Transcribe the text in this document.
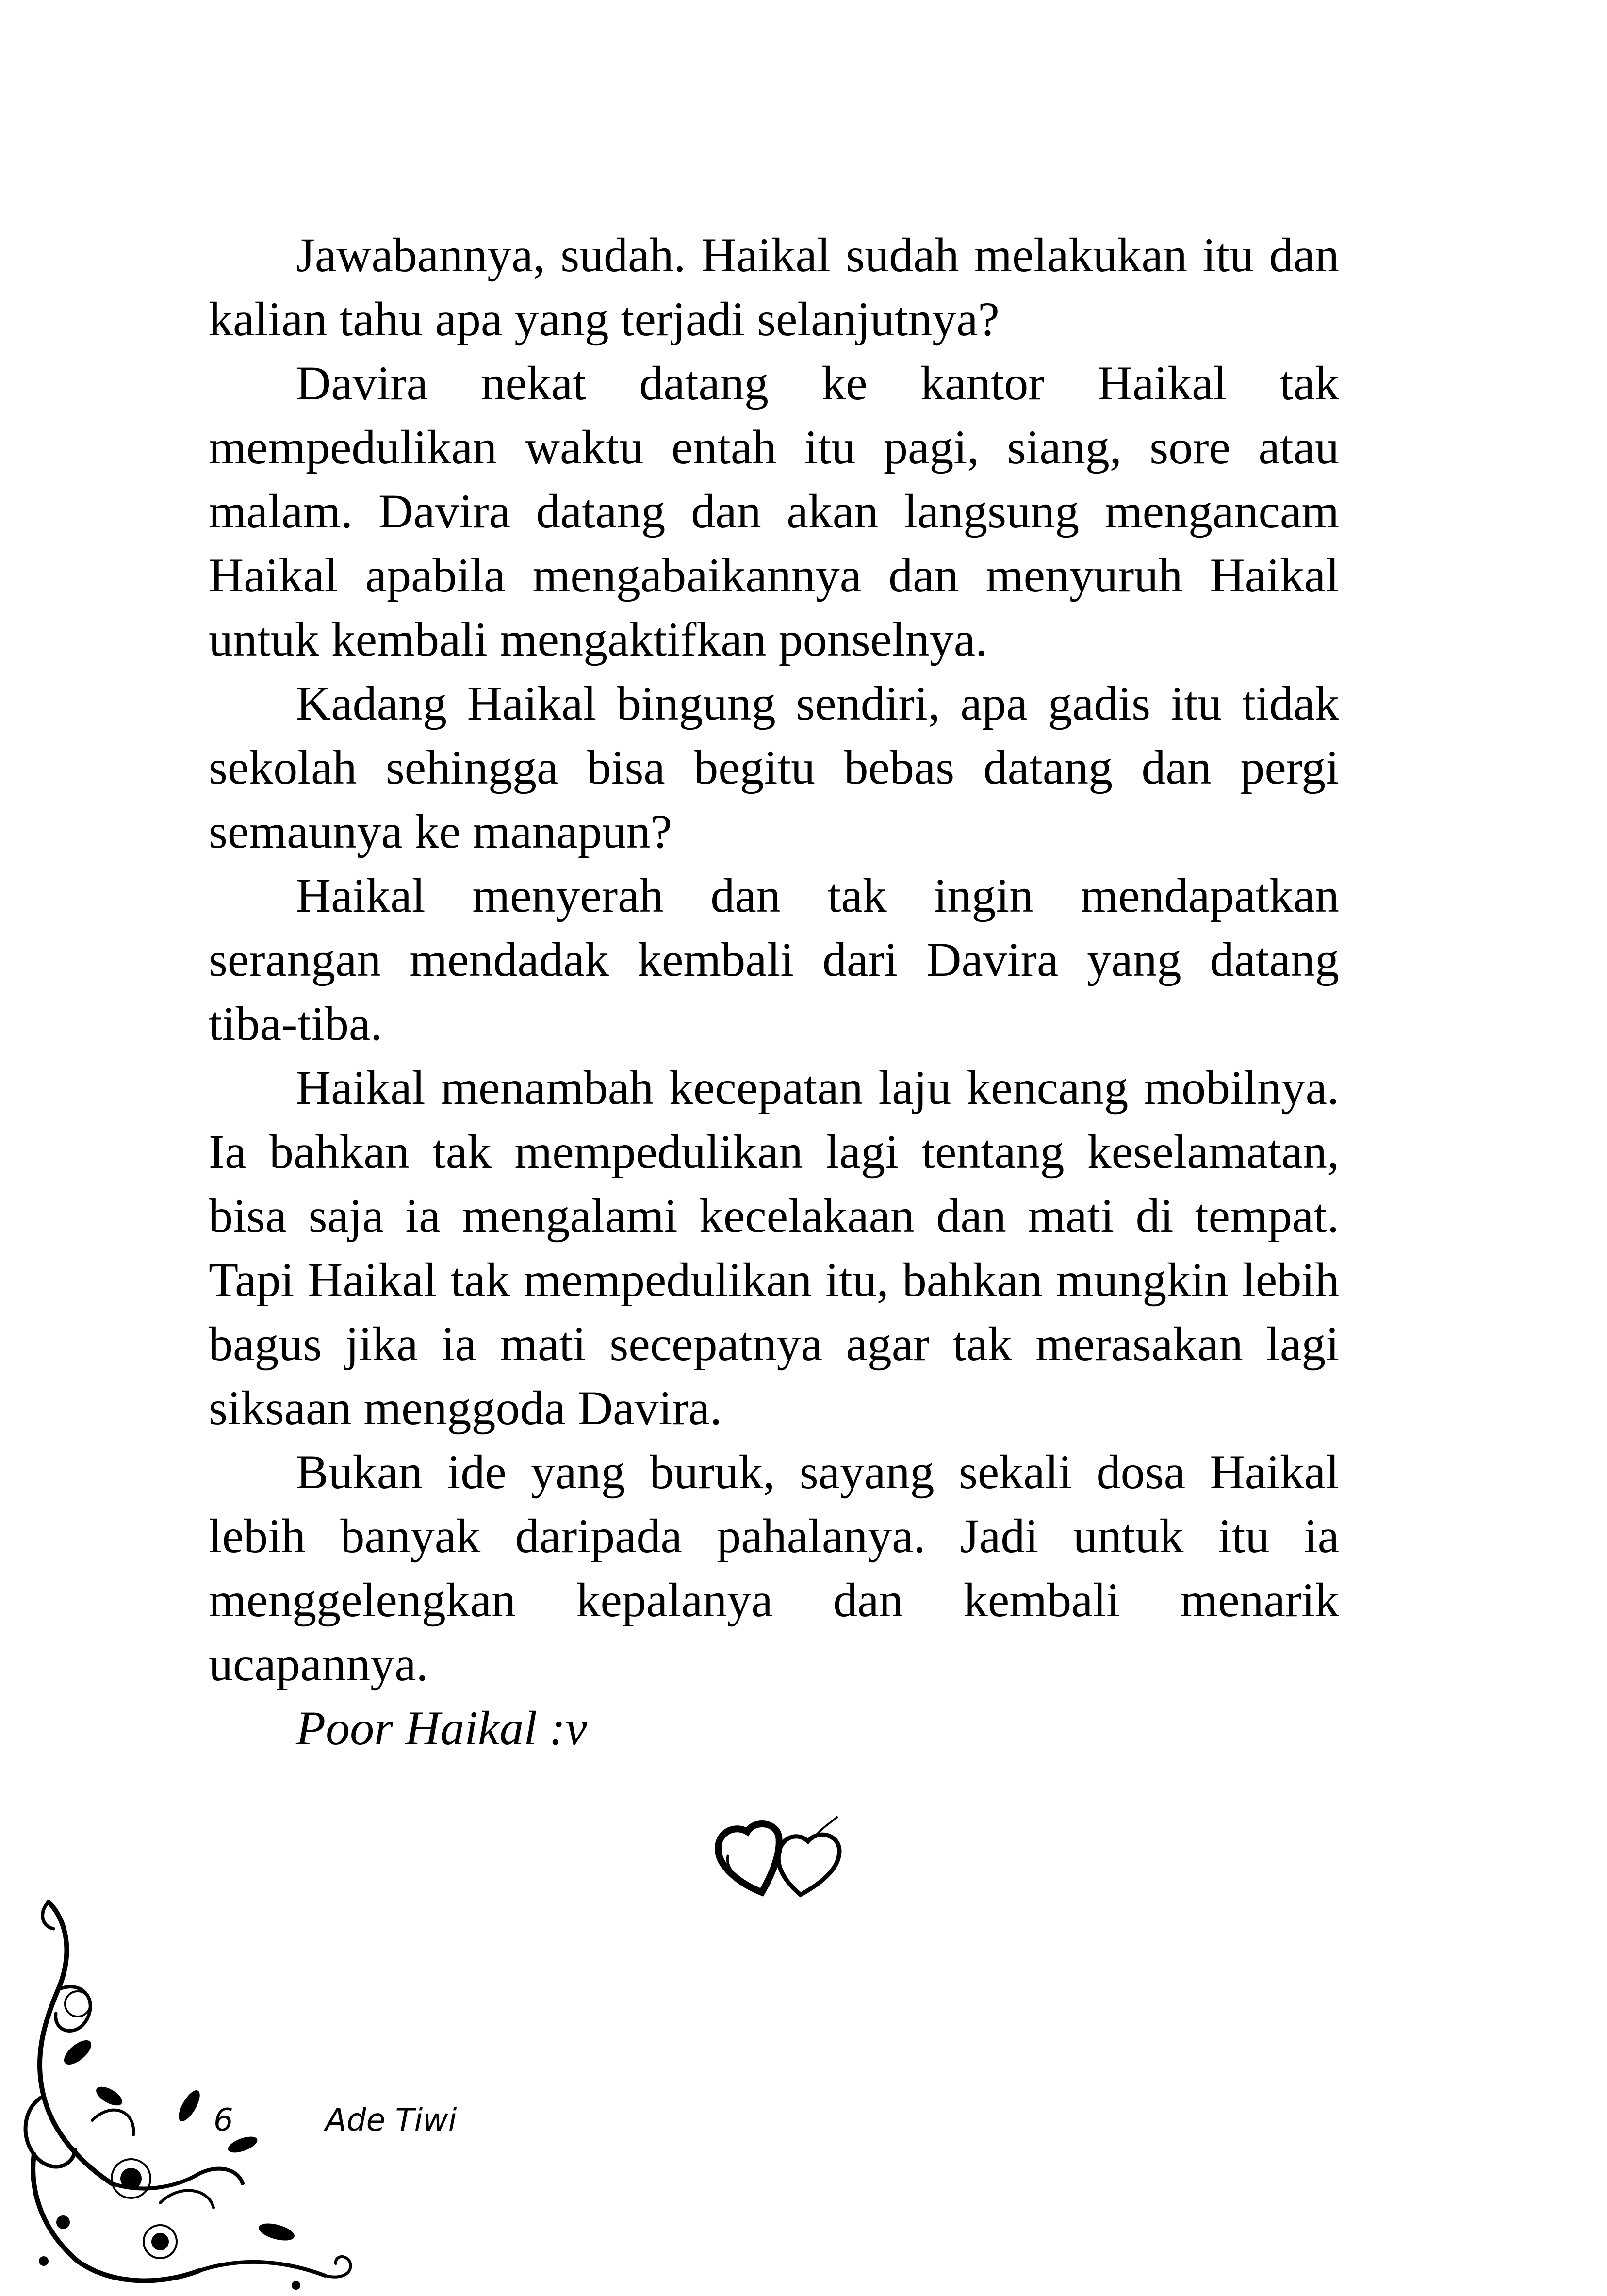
Jawabannya, sudah. Haikal sudah melakukan itu dan kalian tahu apa yang terjadi selanjutnya?

Davira nekat datang ke kantor Haikal tak mempedulikan waktu entah itu pagi, siang, sore atau malam. Davira datang dan akan langsung mengancam Haikal apabila mengabaikannya dan menyuruh Haikal untuk kembali mengaktifkan ponselnya.

Kadang Haikal bingung sendiri, apa gadis itu tidak sekolah sehingga bisa begitu bebas datang dan pergi semaunya ke manapun?

Haikal menyerah dan tak ingin mendapatkan serangan mendadak kembali dari Davira yang datang tiba-tiba.

Haikal menambah kecepatan laju kencang mobilnya. Ia bahkan tak mempedulikan lagi tentang keselamatan, bisa saja ia mengalami kecelakaan dan mati di tempat. Tapi Haikal tak mempedulikan itu, bahkan mungkin lebih bagus jika ia mati secepatnya agar tak merasakan lagi siksaan menggoda Davira.

Bukan ide yang buruk, sayang sekali dosa Haikal lebih banyak daripada pahalanya. Jadi untuk itu ia menggelengkan kepalanya dan kembali menarik ucapannya.

Poor Haikal :v

6	Ade Tiwi
